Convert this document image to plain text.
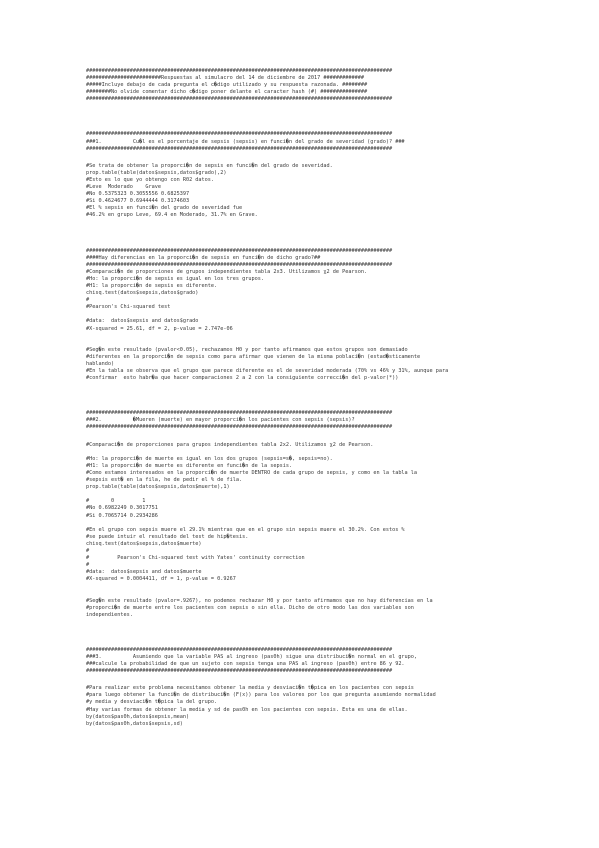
##################################################################################################
########################Respuestas al simulacro del 14 de diciembre de 2017 #############
#####Incluye debajo de cada pregunta el c�digo utilizado y su respuesta razonada. ########
########No olvide comentar dicho c�digo poner delante el caracter hash (#) ###############
##################################################################################################
##################################################################################################
###1.          Cu�l es el porcentaje de sepsis (sepsis) en funci�n del grado de severidad (grado)? ###
##################################################################################################
#Se trata de obtener la proporci�n de sepsis en funci�n del grado de severidad.
prop.table(table(datos$sepsis,datos$grado),2)
#Esto es lo que yo obtengo con R02 datos.
#Leve  Moderado    Grave
#No 0.5375323 0.3055556 0.6825397
#Si 0.4624677 0.6944444 0.3174603
#El % sepsis en funci�n del grado de severidad fue
#46.2% en grupo Leve, 69.4 en Moderado, 31.7% en Grave.
##################################################################################################
####Hay diferencias en la proporci�n de sepsis en funci�n de dicho grado?##
##################################################################################################
#Comparaci�n de proporciones de grupos independientes tabla 2x3. Utilizamos χ2 de Pearson.
#Ho: la proporci�n de sepsis es igual en los tres grupos.
#H1: la proporci�n de sepsis es diferente.
chisq.test(datos$sepsis,datos$grado)
#
#Pearson's Chi-squared test
#data:  datos$sepsis and datos$grado
#X-squared = 25.61, df = 2, p-value = 2.747e-06
#Seg�n este resultado (pvalor<0.05), rechazamos H0 y por tanto afirmamos que estos grupos son demasiado
#diferentes en la proporci�n de sepsis como para afirmar que vienen de la misma poblaci�n (estad�sticamente
hablando)
#En la tabla se observa que el grupo que parece diferente es el de severidad moderada (70% vs 46% y 31%, aunque para
#confirmar  esto habr�a que hacer comparaciones 2 a 2 con la consiguiente correcci�n del p-valor(*))
##################################################################################################
###2.          �Mueren (muerte) en mayor proporci�n los pacientes con sepsis (sepsis)?
##################################################################################################
#Comparaci�n de proporciones para grupos independientes tabla 2x2. Utilizamos χ2 de Pearson.
#Ho: la proporci�n de muerte es igual en los dos grupos (sepsis=s�, sepsis=no).
#H1: la proporci�n de muerte es diferente en funci�n de la sepsis.
#Como estamos interesados en la proporci�n de muerte DENTRO de cada grupo de sepsis, y como en la tabla la
#sepsis est� en la fila, he de pedir el % de fila.
prop.table(table(datos$sepsis,datos$muerte),1)
#       0         1
#No 0.6982249 0.3017751
#Si 0.7065714 0.2934286
#En el grupo con sepsis muere el 29.1% mientras que en el grupo sin sepsis muere el 30.2%. Con estos %
#se puede intuir el resultado del test de hip�tesis.
chisq.test(datos$sepsis,datos$muerte)
#
#         Pearson's Chi-squared test with Yates' continuity correction
#
#data:  datos$sepsis and datos$muerte
#X-squared = 0.0004411, df = 1, p-value = 0.9267
#Seg�n este resultado (pvalor=.9267), no podemos rechazar H0 y por tanto afirmamos que no hay diferencias en la
#proporci�n de muerte entre los pacientes con sepsis o sin ella. Dicho de otro modo las dos variables son
independientes.
##################################################################################################
###3.          Asumiendo que la variable PAS al ingreso (pas0h) sigue una distribuci�n normal en el grupo,
###calcule la probabilidad de que un sujeto con sepsis tenga una PAS al ingreso (pas0h) entre 86 y 92.
##################################################################################################
#Para realizar este problema necesitamos obtener la media y desviaci�n t�pica en los pacientes con sepsis
#para luego obtener la funci�n de distribuci�n (F(x)) para los valores por los que pregunta asumiendo normalidad
#y media y desviaci�n t�pica la del grupo.
#Hay varias formas de obtener la media y sd de pas0h en los pacientes con sepsis. Esta es una de ellas.
by(datos$pas0h,datos$sepsis,mean)
by(datos$pas0h,datos$sepsis,sd)
